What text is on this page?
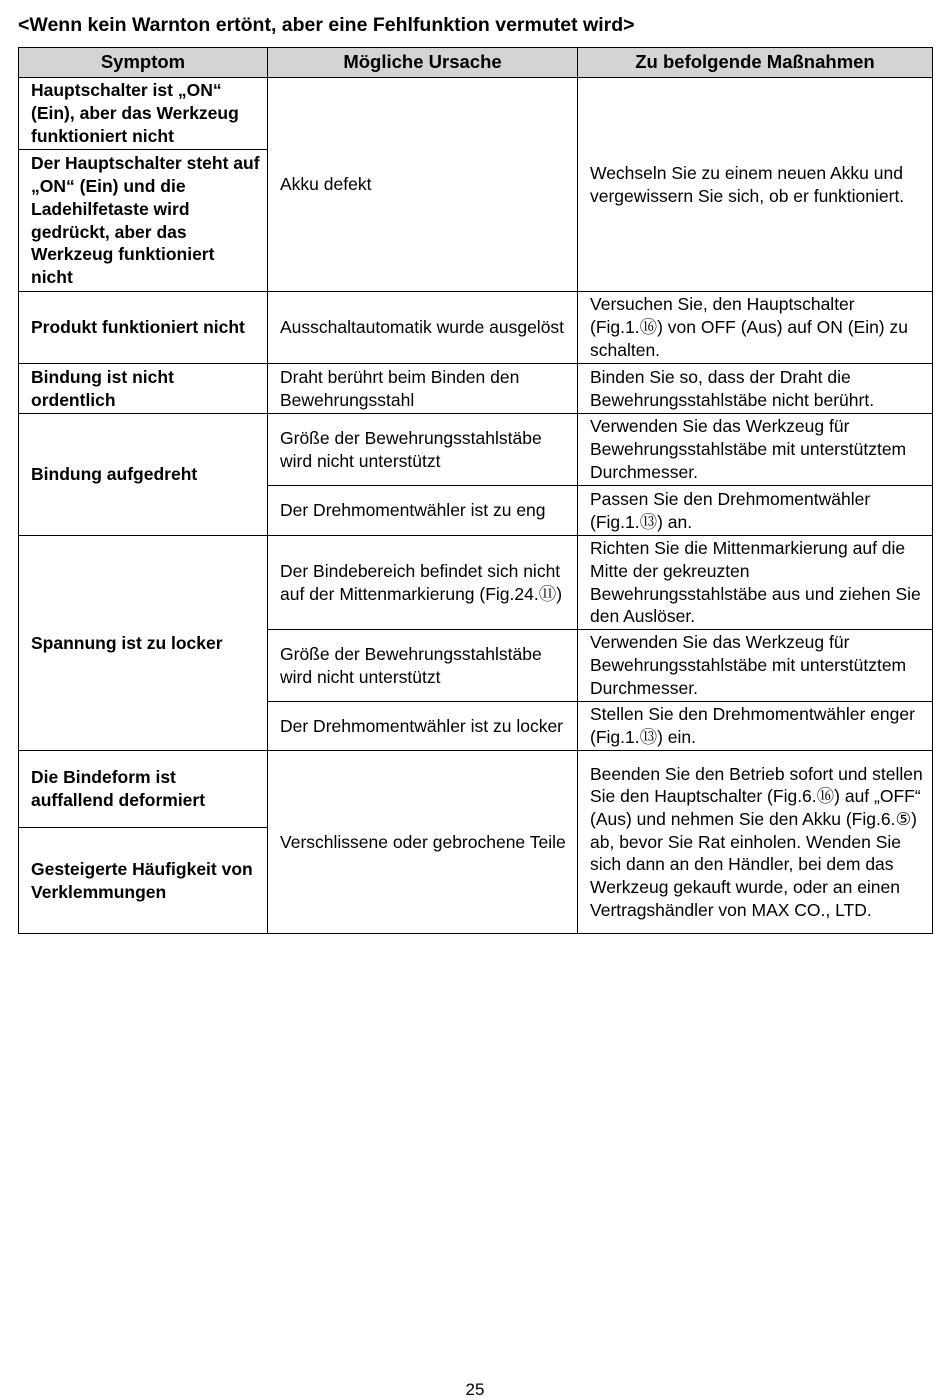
<Wenn kein Warnton ertönt, aber eine Fehlfunktion vermutet wird>
Symptom	Mögliche Ursache	Zu befolgende Maßnahmen
Hauptschalter ist „ON“ (Ein), aber das Werkzeug funktioniert nicht	Akku defekt	Wechseln Sie zu einem neuen Akku und vergewissern Sie sich, ob er funktioniert.
Der Hauptschalter steht auf „ON“ (Ein) und die Ladehilfetaste wird gedrückt, aber das Werkzeug funktioniert nicht		
Produkt funktioniert nicht	Ausschaltautomatik wurde ausgelöst	Versuchen Sie, den Hauptschalter (Fig.1.⑯) von OFF (Aus) auf ON (Ein) zu schalten.
Bindung ist nicht ordentlich	Draht berührt beim Binden den Bewehrungsstahl	Binden Sie so, dass der Draht die Bewehrungsstahlstäbe nicht berührt.
Bindung aufgedreht	Größe der Bewehrungsstahlstäbe wird nicht unterstützt	Verwenden Sie das Werkzeug für Bewehrungsstahlstäbe mit unterstütztem Durchmesser.
	Der Drehmomentwähler ist zu eng	Passen Sie den Drehmomentwähler (Fig.1.⑬) an.
Spannung ist zu locker	Der Bindebereich befindet sich nicht auf der Mittenmarkierung (Fig.24.⑪)	Richten Sie die Mittenmarkierung auf die Mitte der gekreuzten Bewehrungsstahlstäbe aus und ziehen Sie den Auslöser.
	Größe der Bewehrungsstahlstäbe wird nicht unterstützt	Verwenden Sie das Werkzeug für Bewehrungsstahlstäbe mit unterstütztem Durchmesser.
	Der Drehmomentwähler ist zu locker	Stellen Sie den Drehmomentwähler enger (Fig.1.⑬) ein.
Die Bindeform ist auffallend deformiert	Verschlissene oder gebrochene Teile	Beenden Sie den Betrieb sofort und stellen Sie den Hauptschalter (Fig.6.⑯) auf „OFF“ (Aus) und nehmen Sie den Akku (Fig.6.⑤) ab, bevor Sie Rat einholen. Wenden Sie sich dann an den Händler, bei dem das Werkzeug gekauft wurde, oder an einen Vertragshändler von MAX CO., LTD.
Gesteigerte Häufigkeit von Verklemmungen		
25
